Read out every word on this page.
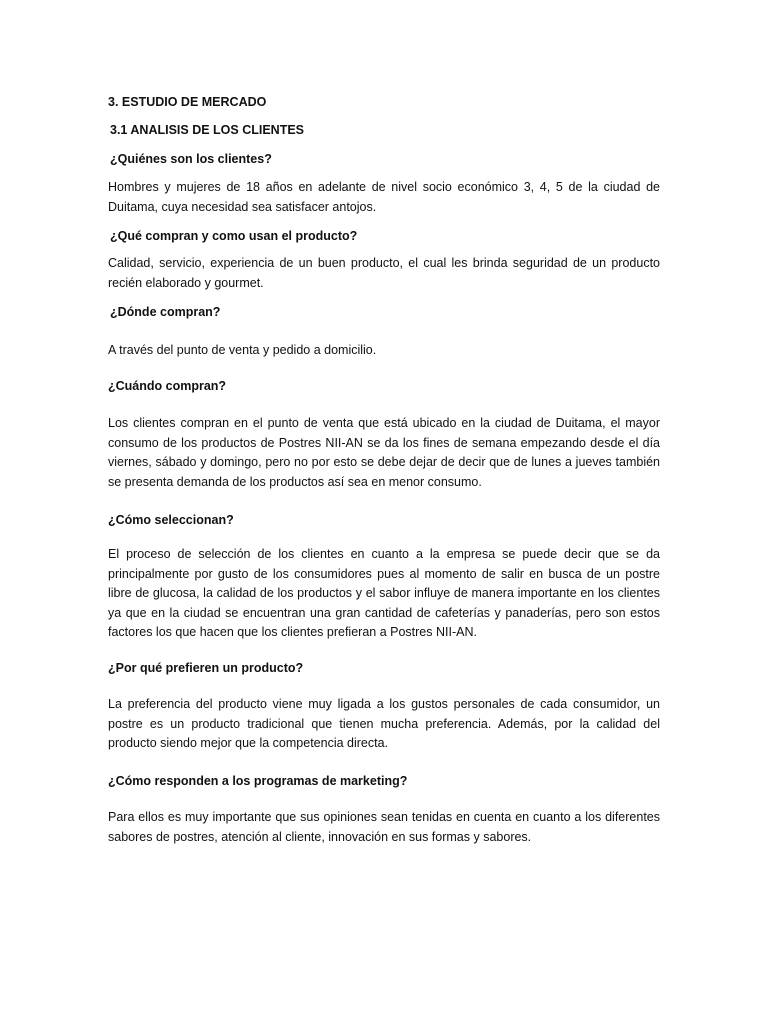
3. ESTUDIO DE MERCADO
3.1 ANALISIS DE LOS CLIENTES
¿Quiénes son los clientes?

Hombres y mujeres de 18 años en adelante de nivel socio económico 3, 4, 5 de la ciudad de Duitama, cuya necesidad sea satisfacer antojos.

¿Qué compran y como usan el producto?

Calidad, servicio, experiencia de un buen producto, el cual les brinda seguridad de un producto recién elaborado y gourmet.

¿Dónde compran?

A través del punto de venta y pedido a domicilio.

¿Cuándo compran?

Los clientes compran en el punto de venta que está ubicado en la ciudad de Duitama, el mayor consumo de los productos de Postres NII-AN se da los fines de semana empezando desde el día viernes, sábado y domingo, pero no por esto se debe dejar de decir que de lunes a jueves también se presenta demanda de los productos así sea en menor consumo.

¿Cómo seleccionan?

El proceso de selección de los clientes en cuanto a la empresa se puede decir que se da principalmente por gusto de los consumidores pues al momento de salir en busca de un postre libre de glucosa, la calidad de los productos y el sabor influye de manera importante en los clientes ya que en la ciudad se encuentran una gran cantidad de cafeterías y panaderías, pero son estos factores los que hacen que los clientes prefieran a Postres NII-AN.

¿Por qué prefieren un producto?

La preferencia del producto viene muy ligada a los gustos personales de cada consumidor, un postre es un producto tradicional que tienen mucha preferencia. Además, por la calidad del producto siendo mejor que la competencia directa.

¿Cómo responden a los programas de marketing?

Para ellos es muy importante que sus opiniones sean tenidas en cuenta en cuanto a los diferentes sabores de postres, atención al cliente, innovación en sus formas y sabores.
